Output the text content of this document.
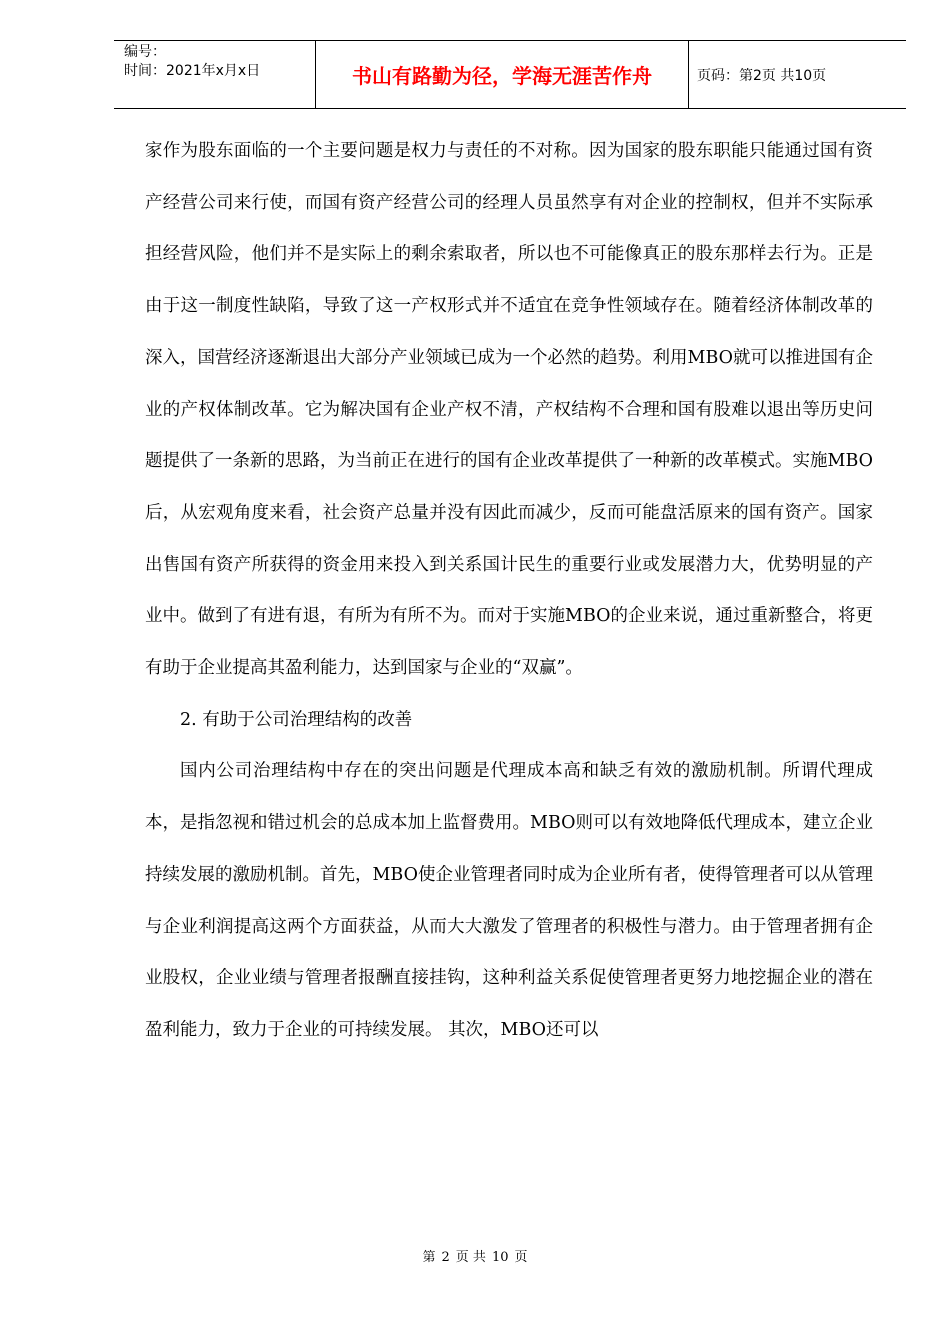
编号：
时间：2021年x月x日	书山有路勤为径，学海无涯苦作舟	页码：第2页 共10页

家作为股东面临的一个主要问题是权力与责任的不对称。因为国家的股东职能只能通过国有资产经营公司来行使，而国有资产经营公司的经理人员虽然享有对企业的控制权，但并不实际承担经营风险，他们并不是实际上的剩余索取者，所以也不可能像真正的股东那样去行为。正是由于这一制度性缺陷，导致了这一产权形式并不适宜在竞争性领域存在。随着经济体制改革的深入，国营经济逐渐退出大部分产业领域已成为一个必然的趋势。利用MBO就可以推进国有企业的产权体制改革。它为解决国有企业产权不清，产权结构不合理和国有股难以退出等历史问题提供了一条新的思路，为当前正在进行的国有企业改革提供了一种新的改革模式。实施MBO后，从宏观角度来看，社会资产总量并没有因此而减少，反而可能盘活原来的国有资产。国家出售国有资产所获得的资金用来投入到关系国计民生的重要行业或发展潜力大，优势明显的产业中。做到了有进有退，有所为有所不为。而对于实施MBO的企业来说，通过重新整合，将更有助于企业提高其盈利能力，达到国家与企业的“双赢”。

2. 有助于公司治理结构的改善

国内公司治理结构中存在的突出问题是代理成本高和缺乏有效的激励机制。所谓代理成本，是指忽视和错过机会的总成本加上监督费用。MBO则可以有效地降低代理成本，建立企业持续发展的激励机制。首先，MBO使企业管理者同时成为企业所有者，使得管理者可以从管理与企业利润提高这两个方面获益，从而大大激发了管理者的积极性与潜力。由于管理者拥有企业股权，企业业绩与管理者报酬直接挂钩，这种利益关系促使管理者更努力地挖掘企业的潜在盈利能力，致力于企业的可持续发展。 其次，MBO还可以

第 2 页 共 10 页
